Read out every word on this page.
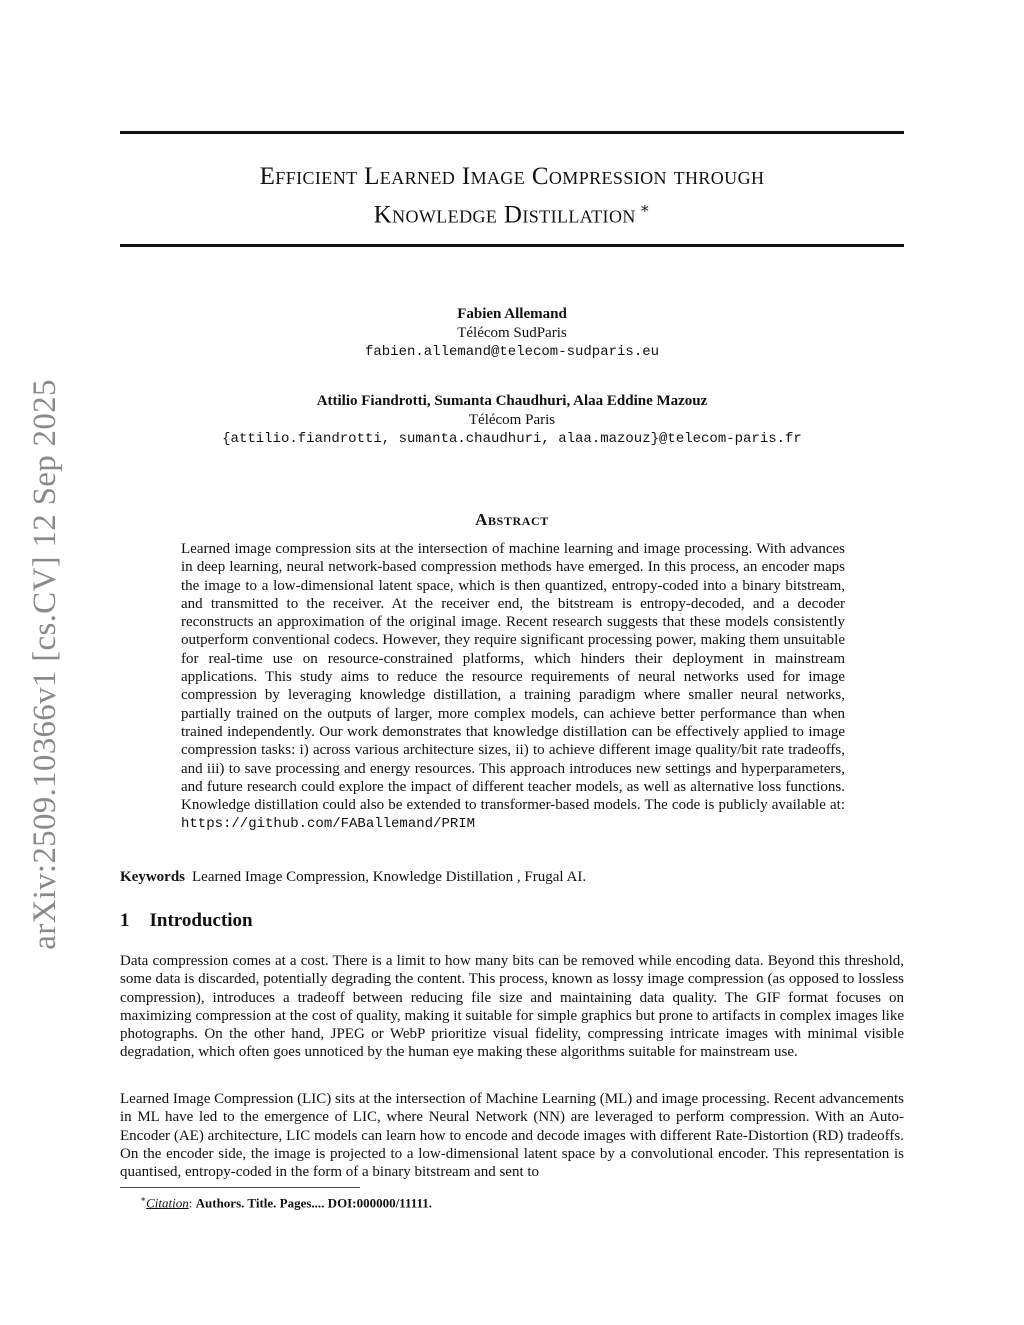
arXiv:2509.10366v1 [cs.CV] 12 Sep 2025
Efficient Learned Image Compression through
Knowledge Distillation ∗
Fabien Allemand
Télécom SudParis
fabien.allemand@telecom-sudparis.eu
Attilio Fiandrotti, Sumanta Chaudhuri, Alaa Eddine Mazouz
Télécom Paris
{attilio.fiandrotti, sumanta.chaudhuri, alaa.mazouz}@telecom-paris.fr
Abstract

Learned image compression sits at the intersection of machine learning and image processing. With advances in deep learning, neural network-based compression methods have emerged. In this process, an encoder maps the image to a low-dimensional latent space, which is then quantized, entropy-coded into a binary bitstream, and transmitted to the receiver. At the receiver end, the bitstream is entropy-decoded, and a decoder reconstructs an approximation of the original image. Recent research suggests that these models consistently outperform conventional codecs. However, they require significant processing power, making them unsuitable for real-time use on resource-constrained platforms, which hinders their deployment in mainstream applications. This study aims to reduce the resource requirements of neural networks used for image compression by leveraging knowledge distillation, a training paradigm where smaller neural networks, partially trained on the outputs of larger, more complex models, can achieve better performance than when trained independently. Our work demonstrates that knowledge distillation can be effectively applied to image compression tasks: i) across various architecture sizes, ii) to achieve different image quality/bit rate tradeoffs, and iii) to save processing and energy resources. This approach introduces new settings and hyperparameters, and future research could explore the impact of different teacher models, as well as alternative loss functions. Knowledge distillation could also be extended to transformer-based models. The code is publicly available at: https://github.com/FABallemand/PRIM

Keywords Learned Image Compression, Knowledge Distillation , Frugal AI.

1 Introduction

Data compression comes at a cost. There is a limit to how many bits can be removed while encoding data. Beyond this threshold, some data is discarded, potentially degrading the content. This process, known as lossy image compression (as opposed to lossless compression), introduces a tradeoff between reducing file size and maintaining data quality. The GIF format focuses on maximizing compression at the cost of quality, making it suitable for simple graphics but prone to artifacts in complex images like photographs. On the other hand, JPEG or WebP prioritize visual fidelity, compressing intricate images with minimal visible degradation, which often goes unnoticed by the human eye making these algorithms suitable for mainstream use.

Learned Image Compression (LIC) sits at the intersection of Machine Learning (ML) and image processing. Recent advancements in ML have led to the emergence of LIC, where Neural Network (NN) are leveraged to perform compression. With an Auto-Encoder (AE) architecture, LIC models can learn how to encode and decode images with different Rate-Distortion (RD) tradeoffs. On the encoder side, the image is projected to a low-dimensional latent space by a convolutional encoder. This representation is quantised, entropy-coded in the form of a binary bitstream and sent to

∗Citation: Authors. Title. Pages.... DOI:000000/11111.
